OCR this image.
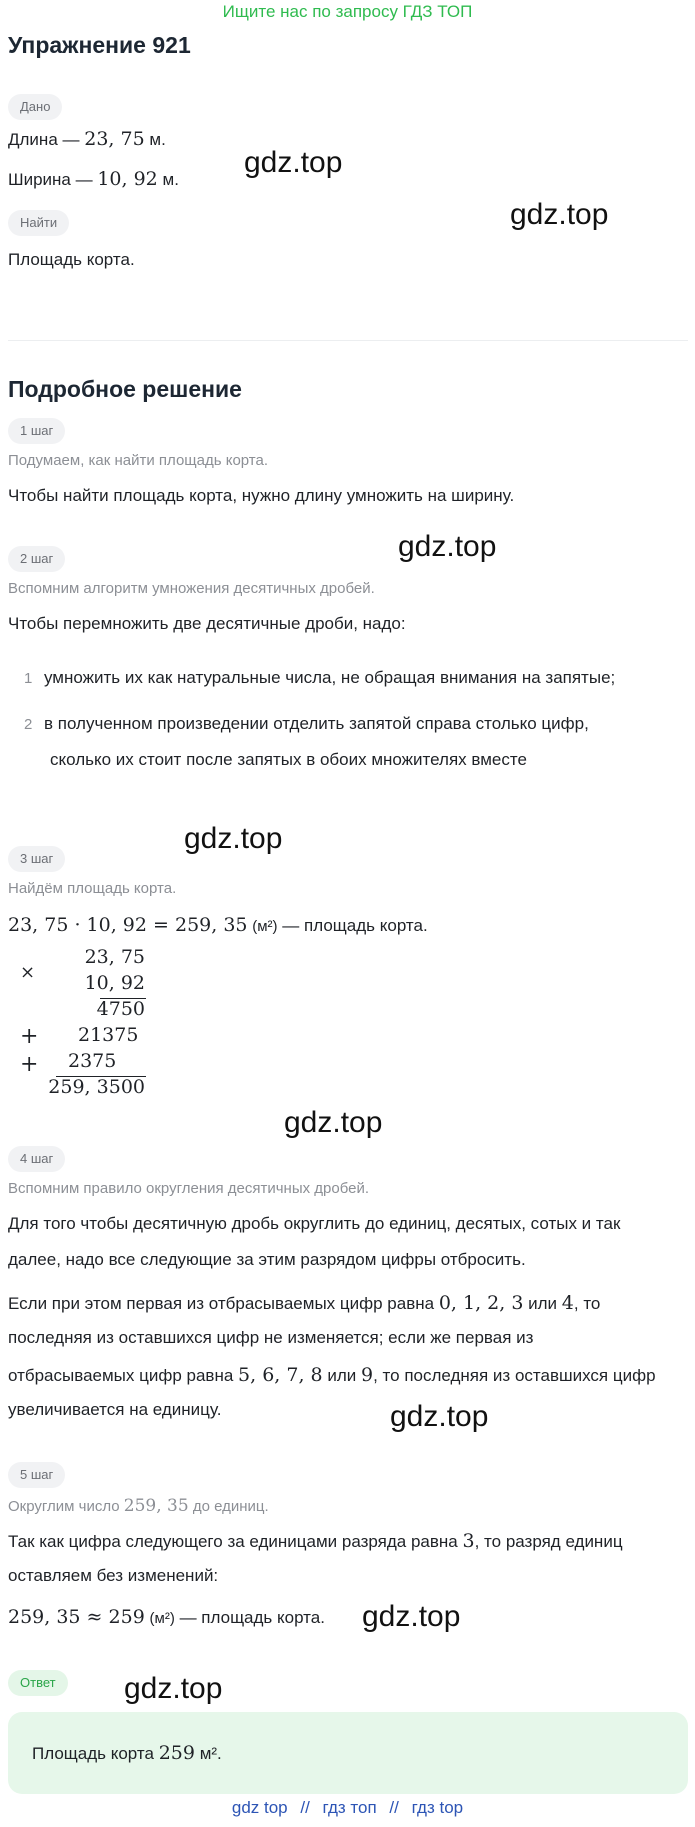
Ищите нас по запросу ГДЗ ТОП
Упражнение 921
Дано
Длина — 23, 75 м.
Ширина — 10, 92 м.
Найти
Площадь корта.
Подробное решение
1 шаг
Подумаем, как найти площадь корта.
Чтобы найти площадь корта, нужно длину умножить на ширину.
2 шаг
Вспомним алгоритм умножения десятичных дробей.
Чтобы перемножить две десятичные дроби, надо:
1 умножить их как натуральные числа, не обращая внимания на запятые;
2 в полученном произведении отделить запятой справа столько цифр,
сколько их стоит после запятых в обоих множителях вместе
3 шаг
Найдём площадь корта.
23, 75 · 10, 92 = 259, 35 (м²) — площадь корта.
×
+
+
23, 75
10, 92
4750
21375
2375
259, 3500
4 шаг
Вспомним правило округления десятичных дробей.
Для того чтобы десятичную дробь округлить до единиц, десятых, сотых и так
далее, надо все следующие за этим разрядом цифры отбросить.
Если при этом первая из отбрасываемых цифр равна 0, 1, 2, 3 или 4, то
последняя из оставшихся цифр не изменяется; если же первая из
отбрасываемых цифр равна 5, 6, 7, 8 или 9, то последняя из оставшихся цифр
увеличивается на единицу.
5 шаг
Округлим число 259, 35 до единиц.
Так как цифра следующего за единицами разряда равна 3, то разряд единиц
оставляем без изменений:
259, 35 ≈ 259 (м²) — площадь корта.
Ответ
Площадь корта 259 м².
gdz.top
gdz.top
gdz.top
gdz.top
gdz.top
gdz.top
gdz.top
gdz.top
gdz top // гдз топ // гдз top
